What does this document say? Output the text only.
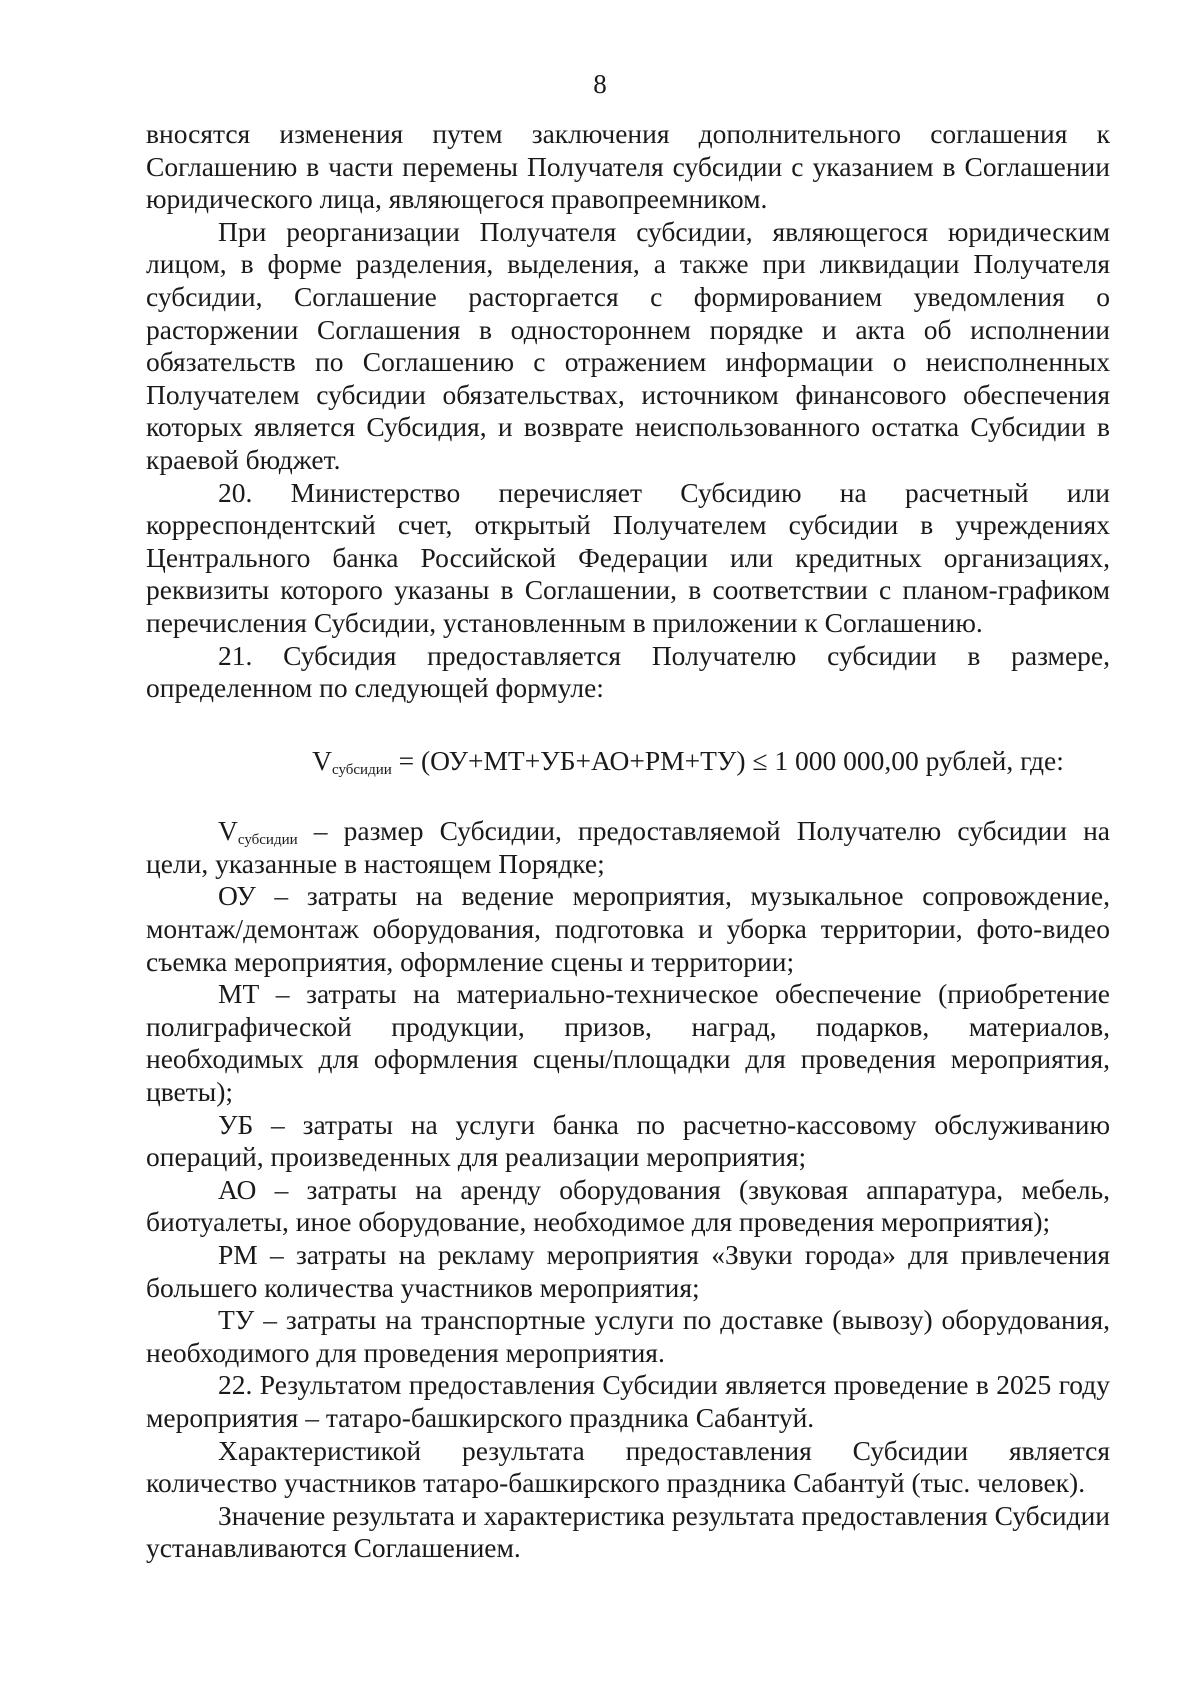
8

вносятся изменения путем заключения дополнительного соглашения к Соглашению в части перемены Получателя субсидии с указанием в Соглашении юридического лица, являющегося правопреемником.

При реорганизации Получателя субсидии, являющегося юридическим лицом, в форме разделения, выделения, а также при ликвидации Получателя субсидии, Соглашение расторгается с формированием уведомления о расторжении Соглашения в одностороннем порядке и акта об исполнении обязательств по Соглашению с отражением информации о неисполненных Получателем субсидии обязательствах, источником финансового обеспечения которых является Субсидия, и возврате неиспользованного остатка Субсидии в краевой бюджет.

20. Министерство перечисляет Субсидию на расчетный или корреспондентский счет, открытый Получателем субсидии в учреждениях Центрального банка Российской Федерации или кредитных организациях, реквизиты которого указаны в Соглашении, в соответствии с планом-графиком перечисления Субсидии, установленным в приложении к Соглашению.

21. Субсидия предоставляется Получателю субсидии в размере, определенном по следующей формуле:

$V_{субсидии} = (ОУ+МТ+УБ+АО+РМ+ТУ) \le 1$ 000 000,00 рублей, где:

$V_{субсидии}$ – размер Субсидии, предоставляемой Получателю субсидии на цели, указанные в настоящем Порядке;

ОУ – затраты на ведение мероприятия, музыкальное сопровождение, монтаж/демонтаж оборудования, подготовка и уборка территории, фото-видео съемка мероприятия, оформление сцены и территории;

МТ – затраты на материально-техническое обеспечение (приобретение полиграфической продукции, призов, наград, подарков, материалов, необходимых для оформления сцены/площадки для проведения мероприятия, цветы);

УБ – затраты на услуги банка по расчетно-кассовому обслуживанию операций, произведенных для реализации мероприятия;

АО – затраты на аренду оборудования (звуковая аппаратура, мебель, биотуалеты, иное оборудование, необходимое для проведения мероприятия);

РМ – затраты на рекламу мероприятия «Звуки города» для привлечения большего количества участников мероприятия;

ТУ – затраты на транспортные услуги по доставке (вывозу) оборудования, необходимого для проведения мероприятия.

22. Результатом предоставления Субсидии является проведение в 2025 году мероприятия – татаро-башкирского праздника Сабантуй.

Характеристикой результата предоставления Субсидии является количество участников татаро-башкирского праздника Сабантуй (тыс. человек).

Значение результата и характеристика результата предоставления Субсидии устанавливаются Соглашением.
